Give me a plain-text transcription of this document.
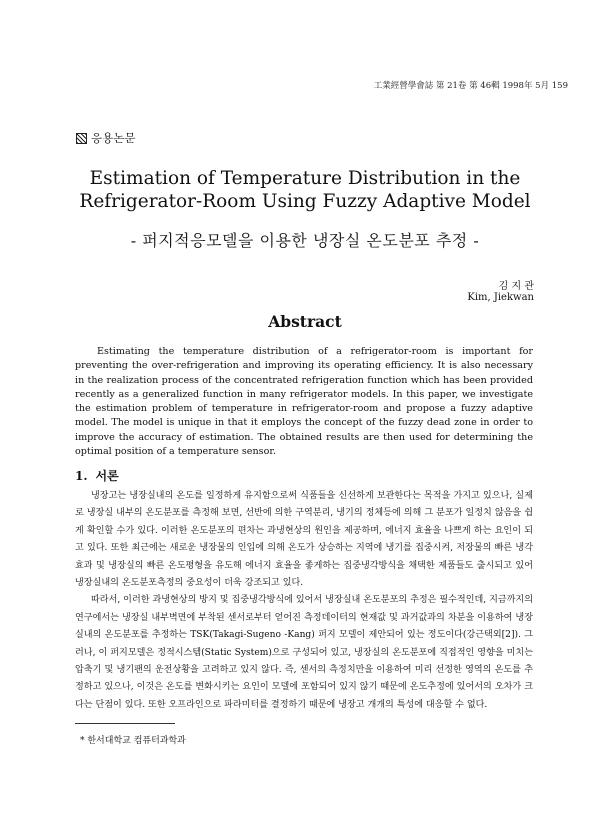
工業經營學會誌 第 21卷 第 46輯 1998年 5月 159
응용논문
Estimation of Temperature Distribution in the
Refrigerator-Room Using Fuzzy Adaptive Model
- 퍼지적응모델을 이용한 냉장실 온도분포 추정 -
김 지 관
Kim, Jiekwan
Abstract

Estimating the temperature distribution of a refrigerator-room is important for preventing the over-refrigeration and improving its operating efficiency. It is also necessary in the realization process of the concentrated refrigeration function which has been provided recently as a generalized function in many refrigerator models. In this paper, we investigate the estimation problem of temperature in refrigerator-room and propose a fuzzy adaptive model. The model is unique in that it employs the concept of the fuzzy dead zone in order to improve the accuracy of estimation. The obtained results are then used for determining the optimal position of a temperature sensor.

1. 서론

냉장고는 냉장실내의 온도를 일정하게 유지함으로써 식품들을 신선하게 보관한다는 목적을 가지고 있으나, 실제로 냉장실 내부의 온도분포를 측정해 보면, 선반에 의한 구역분리, 냉기의 정체등에 의해 그 분포가 일정치 않음을 쉽게 확인할 수가 있다. 이러한 온도분포의 편차는 과냉현상의 원인을 제공하며, 에너지 효율을 나쁘게 하는 요인이 되고 있다. 또한 최근에는 새로운 냉장물의 인입에 의해 온도가 상승하는 지역에 냉기를 집중시켜, 저장물의 빠른 냉각효과 및 냉장실의 빠른 온도평형을 유도해 에너지 효율을 좋게하는 집중냉각방식을 채택한 제품들도 출시되고 있어 냉장실내의 온도분포측정의 중요성이 더욱 강조되고 있다.

따라서, 이러한 과냉현상의 방지 및 집중냉각방식에 있어서 냉장실내 온도분포의 추정은 필수적인데, 지금까지의 연구에서는 냉장실 내부벽면에 부착된 센서로부터 얻어진 측정데이터의 현재값 및 과거값과의 차분을 이용하여 냉장실내의 온도분포를 추정하는 TSK(Takagi-Sugeno -Kang) 퍼지 모델이 제안되어 있는 정도이다(강근택외[2]). 그러나, 이 퍼지모델은 정적시스템(Static System)으로 구성되어 있고, 냉장실의 온도분포에 직접적인 영향을 미치는 압축기 및 냉기팬의 운전상황을 고려하고 있지 않다. 즉, 센서의 측정치만을 이용하여 미리 선정한 영역의 온도를 추정하고 있으나, 이것은 온도를 변화시키는 요인이 모델에 포함되어 있지 않기 때문에 온도추정에 있어서의 오차가 크다는 단점이 있다. 또한 오프라인으로 파라미터를 결정하기 때문에 냉장고 개개의 특성에 대응할 수 없다.

* 한서대학교 컴퓨터과학과
